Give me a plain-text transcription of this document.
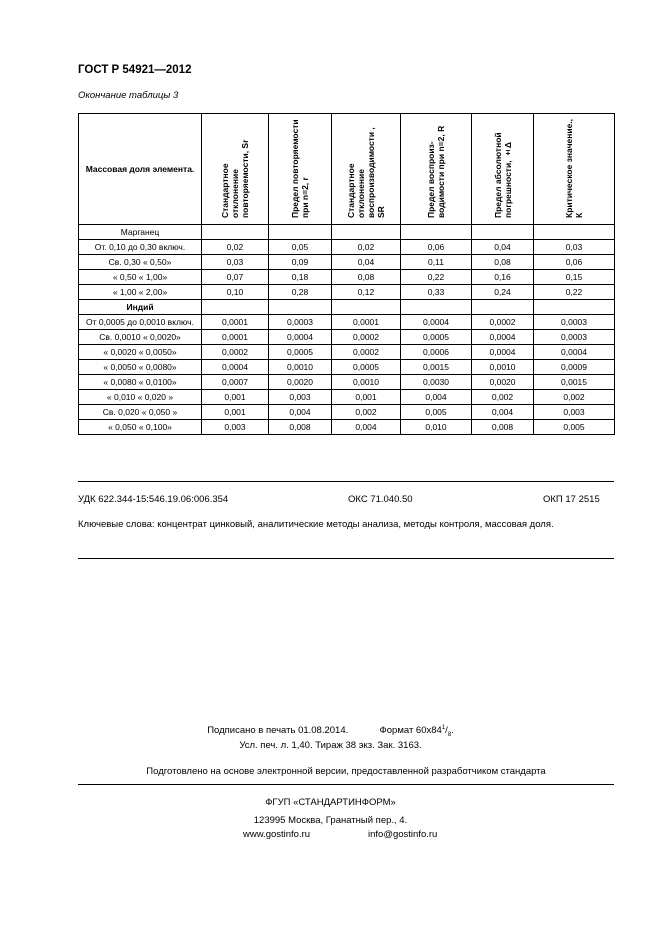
ГОСТ Р 54921—2012
Окончание таблицы 3
Массовая доля элемента.	Стандартное отклонение повторяемости, Sr	Предел повторяемости при n=2, r	Стандартное отклонение воспроизводимости , SR	Предел воспроиз-водимости при n=2, R	Предел абсолютной погрешности, ±Δ	Критическое значение., К
Марганец						
От. 0,10 до 0,30 включ.	0,02	0,05	0,02	0,06	0,04	0,03
Св. 0,30 « 0,50»	0,03	0,09	0,04	0,11	0,08	0,06
« 0,50 « 1,00»	0,07	0,18	0,08	0,22	0,16	0,15
« 1,00 « 2,00»	0,10	0,28	0,12	0,33	0,24	0,22
Индий						
От 0,0005 до 0,0010 включ.	0,0001	0,0003	0,0001	0,0004	0,0002	0,0003
Св. 0,0010 « 0,0020»	0,0001	0,0004	0,0002	0,0005	0,0004	0,0003
« 0,0020 « 0,0050»	0,0002	0,0005	0,0002	0,0006	0,0004	0,0004
« 0,0050 « 0,0080»	0,0004	0,0010	0,0005	0,0015	0,0010	0,0009
« 0,0080 « 0,0100»	0,0007	0,0020	0,0010	0,0030	0,0020	0,0015
« 0,010 « 0,020 »	0,001	0,003	0,001	0,004	0,002	0,002
Св. 0,020 « 0,050 »	0,001	0,004	0,002	0,005	0,004	0,003
« 0,050 « 0,100»	0,003	0,008	0,004	0,010	0,008	0,005
УДК 622.344-15:546.19.06:006.354	ОКС 71.040.50	ОКП 17 2515
Ключевые слова: концентрат цинковый, аналитические методы анализа, методы контроля, массовая доля.
Подписано в печать 01.08.2014.	Формат $60x84^1/_8$.
Усл. печ. л. 1,40. Тираж 38 экз. Зак. 3163.
Подготовлено на основе электронной версии, предоставленной разработчиком стандарта
ФГУП «СТАНДАРТИНФОРМ»
123995 Москва, Гранатный пер., 4.
www.gostinfo.ru	info@gostinfo.ru
